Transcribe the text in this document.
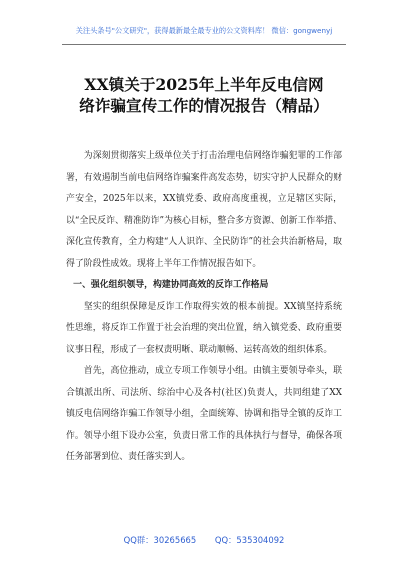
关注头条号"公文研究"，获得最新最全最专业的公文资料库！ 微信：gongwenyj
XX镇关于2025年上半年反电信网
络诈骗宣传工作的情况报告（精品）

为深刻贯彻落实上级单位关于打击治理电信网络诈骗犯罪的工作部署，有效遏制当前电信网络诈骗案件高发态势，切实守护人民群众的财产安全，2025年以来，XX镇党委、政府高度重视，立足辖区实际，以“全民反诈、精准防诈”为核心目标，整合多方资源、创新工作举措、深化宣传教育，全力构建“人人识诈、全民防诈”的社会共治新格局，取得了阶段性成效。现将上半年工作情况报告如下。

一、强化组织领导，构建协同高效的反诈工作格局

坚实的组织保障是反诈工作取得实效的根本前提。XX镇坚持系统性思维，将反诈工作置于社会治理的突出位置，纳入镇党委、政府重要议事日程，形成了一套权责明晰、联动顺畅、运转高效的组织体系。

首先，高位推动，成立专项工作领导小组。由镇主要领导牵头，联合镇派出所、司法所、综治中心及各村(社区)负责人，共同组建了XX镇反电信网络诈骗工作领导小组，全面统筹、协调和指导全镇的反诈工作。领导小组下设办公室，负责日常工作的具体执行与督导，确保各项任务部署到位、责任落实到人。

QQ群：30265665 QQ：535304092
